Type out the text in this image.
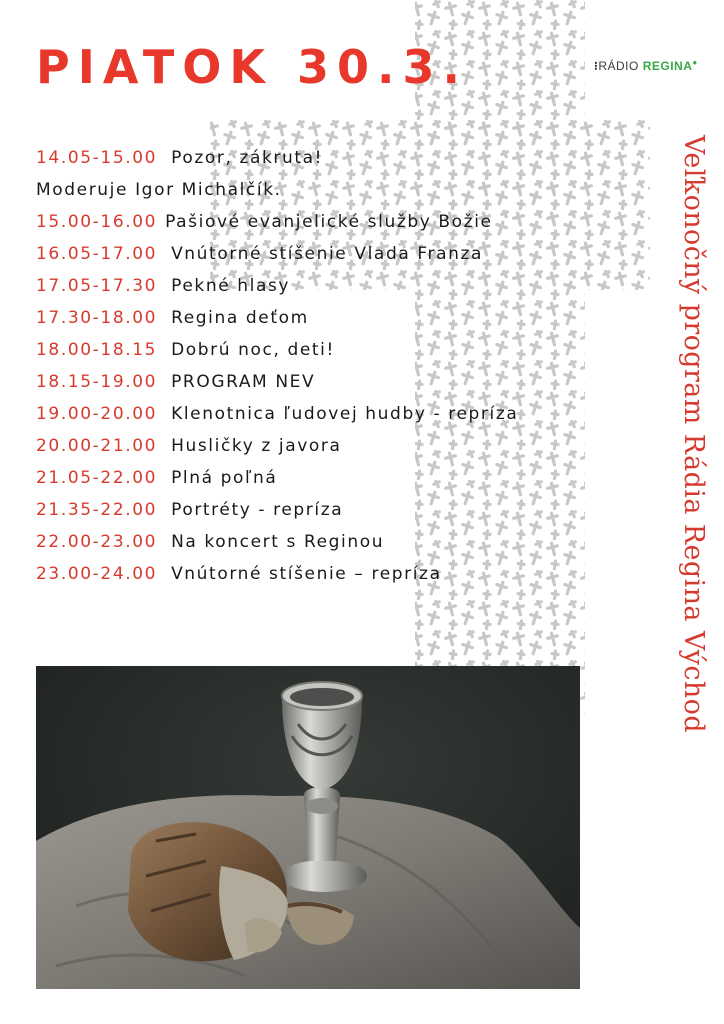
PIATOK 30.3.	⁝RÁDIO REGINA●
14.05-15.00 Pozor, zákruta!
Moderuje Igor Michalčík.
15.00-16.00 Pašiové evanjelické služby Božie
16.05-17.00 Vnútorné stíšenie Vlada Franza
17.05-17.30 Pekné hlasy
17.30-18.00 Regina deťom
18.00-18.15 Dobrú noc, deti!
18.15-19.00 PROGRAM NEV
19.00-20.00 Klenotnica ľudovej hudby - repríza
20.00-21.00 Husličky z javora
21.05-22.00 Plná poľná
21.35-22.00 Portréty - repríza
22.00-23.00 Na koncert s Reginou
23.00-24.00 Vnútorné stíšenie – repríza	Veľkonočný program Rádia Regina Východ
